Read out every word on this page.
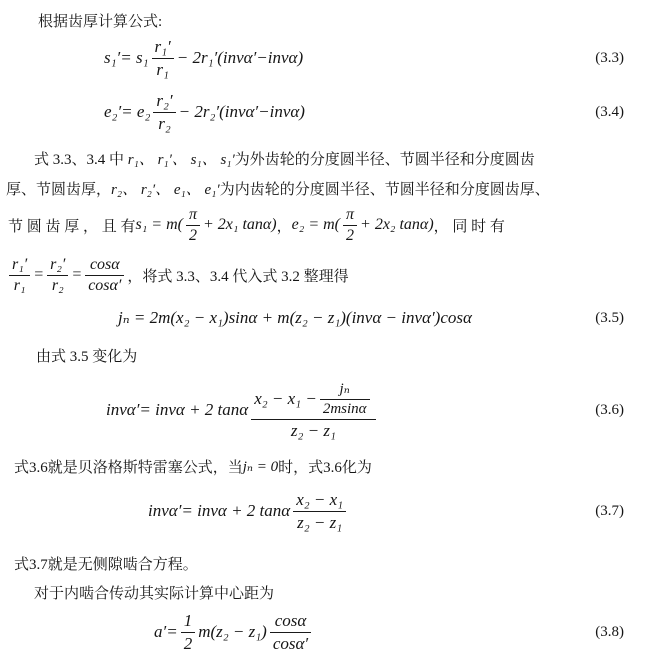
根据齿厚计算公式:
$s_1'= s_1 \frac{\text{r₁′}}{\text{r₁}} - 2r_1'(inv\alpha'-inv\alpha)$	(3.3)
$e_2'= e_2 \frac{\text{r₂′}}{\text{r₂}} - 2r_2'(inv\alpha'-inv\alpha)$	(3.4)
式 3.3、3.4 中 r₁、 r₁′、 s₁、 s₁′为外齿轮的分度圆半径、节圆半径和分度圆齿
厚、节圆齿厚，r₂、 r₂′、 e₁、 e₁′为内齿轮的分度圆半径、节圆半径和分度圆齿厚、
节 圆 齿 厚 ， 且 有 $s_1 = m( \frac{\pi}{2} + 2x_1$ tanα) ， $e_2 = m( \frac{\pi}{2} + 2x_2$ tanα) ， 同 时 有
$\frac{\text{r₁′}}{\text{r₁}} = \frac{\text{r₂′}}{\text{r₂}} = \frac{\cos\alpha}{\cos\alpha'}$ ，将式 3.3、3.4 代入式 3.2 整理得
jₙ = 2m(x₂ − x₁)sinα + m(z₂ − z₁)(invα − invα′)cosα	(3.5)
由式 3.5 变化为
invα′= invα + 2 tanα $\frac{x_2 - x_1 - \frac{\text{jₙ}}{2msin\alpha}}{\text{z₂ − z₁}}$	(3.6)
式3.6就是贝洛格斯特雷塞公式，当 jₙ = 0 时，式3.6化为
invα′= invα + 2 tanα $\frac{\text{x₂ − x₁}}{\text{z₂ − z₁}}$	(3.7)
式3.7就是无侧隙啮合方程。
对于内啮合传动其实际计算中心距为
$a'= \frac{1}{2} m(z_2 - z_1) \frac{\cos\alpha}{\cos\alpha'}$	(3.8)
